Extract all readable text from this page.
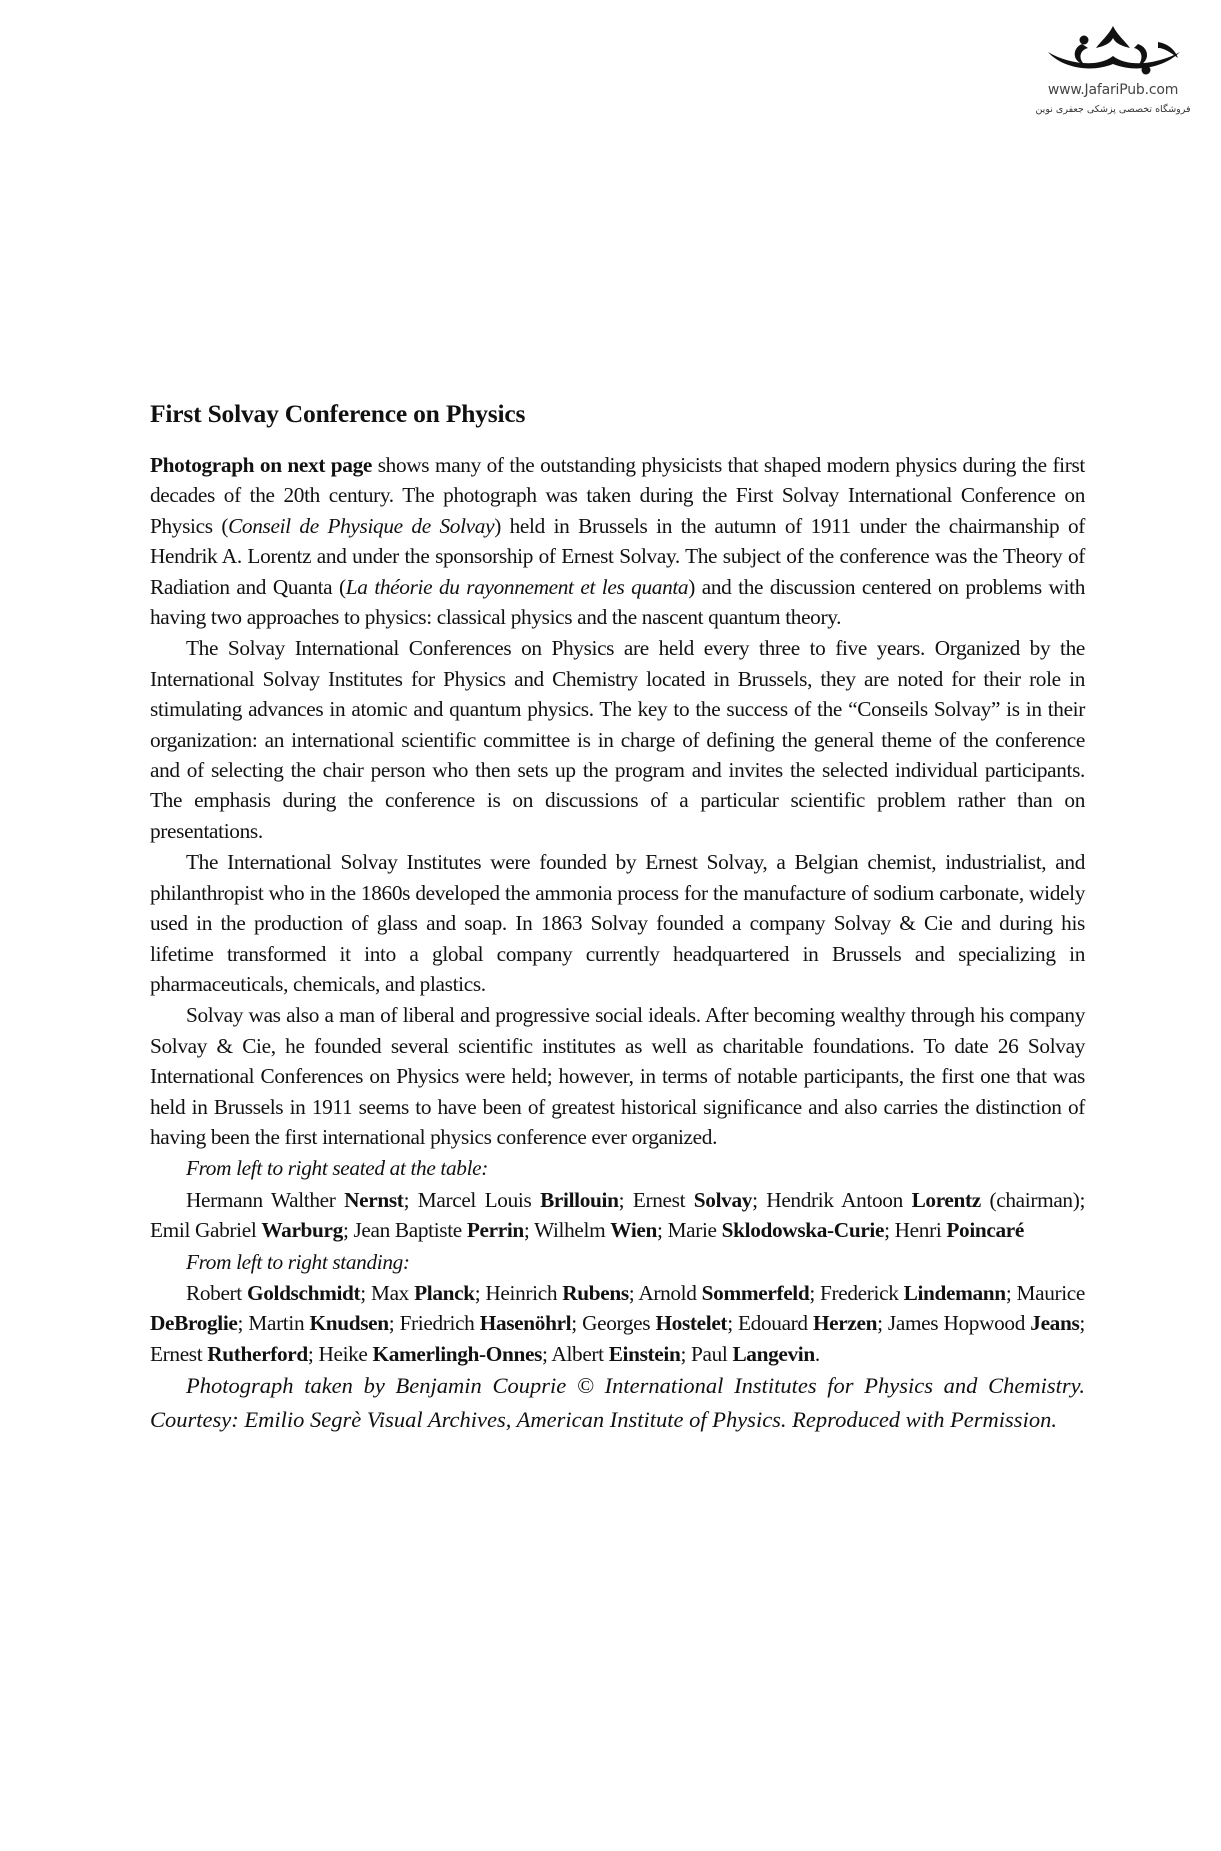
www.JafariPub.com
فروشگاه تخصصی پزشکی جعفری نوین
First Solvay Conference on Physics

Photograph on next page shows many of the outstanding physicists that shaped modern physics during the first decades of the 20th century. The photograph was taken during the First Solvay International Conference on Physics (Conseil de Physique de Solvay) held in Brussels in the autumn of 1911 under the chairmanship of Hendrik A. Lorentz and under the sponsorship of Ernest Solvay. The subject of the conference was the Theory of Radiation and Quanta (La théorie du rayonnement et les quanta) and the discussion centered on problems with having two approaches to physics: classical physics and the nascent quantum theory.

The Solvay International Conferences on Physics are held every three to five years. Organized by the International Solvay Institutes for Physics and Chemistry located in Brussels, they are noted for their role in stimulating advances in atomic and quantum physics. The key to the success of the “Conseils Solvay” is in their organization: an international scientific committee is in charge of defining the general theme of the conference and of selecting the chair person who then sets up the program and invites the selected individual participants. The emphasis during the conference is on discussions of a particular scientific problem rather than on presentations.

The International Solvay Institutes were founded by Ernest Solvay, a Belgian chemist, industrialist, and philanthropist who in the 1860s developed the ammonia process for the manufacture of sodium carbonate, widely used in the production of glass and soap. In 1863 Solvay founded a company Solvay & Cie and during his lifetime transformed it into a global company currently headquartered in Brussels and specializing in pharmaceuticals, chemicals, and plastics.

Solvay was also a man of liberal and progressive social ideals. After becoming wealthy through his company Solvay & Cie, he founded several scientific institutes as well as charitable foundations. To date 26 Solvay International Conferences on Physics were held; however, in terms of notable participants, the first one that was held in Brussels in 1911 seems to have been of greatest historical significance and also carries the distinction of having been the first international physics conference ever organized.

From left to right seated at the table:

Hermann Walther Nernst; Marcel Louis Brillouin; Ernest Solvay; Hendrik Antoon Lorentz (chairman); Emil Gabriel Warburg; Jean Baptiste Perrin; Wilhelm Wien; Marie Sklodowska-Curie; Henri Poincaré

From left to right standing:

Robert Goldschmidt; Max Planck; Heinrich Rubens; Arnold Sommerfeld; Frederick Lindemann; Maurice DeBroglie; Martin Knudsen; Friedrich Hasenöhrl; Georges Hostelet; Edouard Herzen; James Hopwood Jeans; Ernest Rutherford; Heike Kamerlingh-Onnes; Albert Einstein; Paul Langevin.

Photograph taken by Benjamin Couprie © International Institutes for Physics and Chemistry. Courtesy: Emilio Segrè Visual Archives, American Institute of Physics. Reproduced with Permission.
